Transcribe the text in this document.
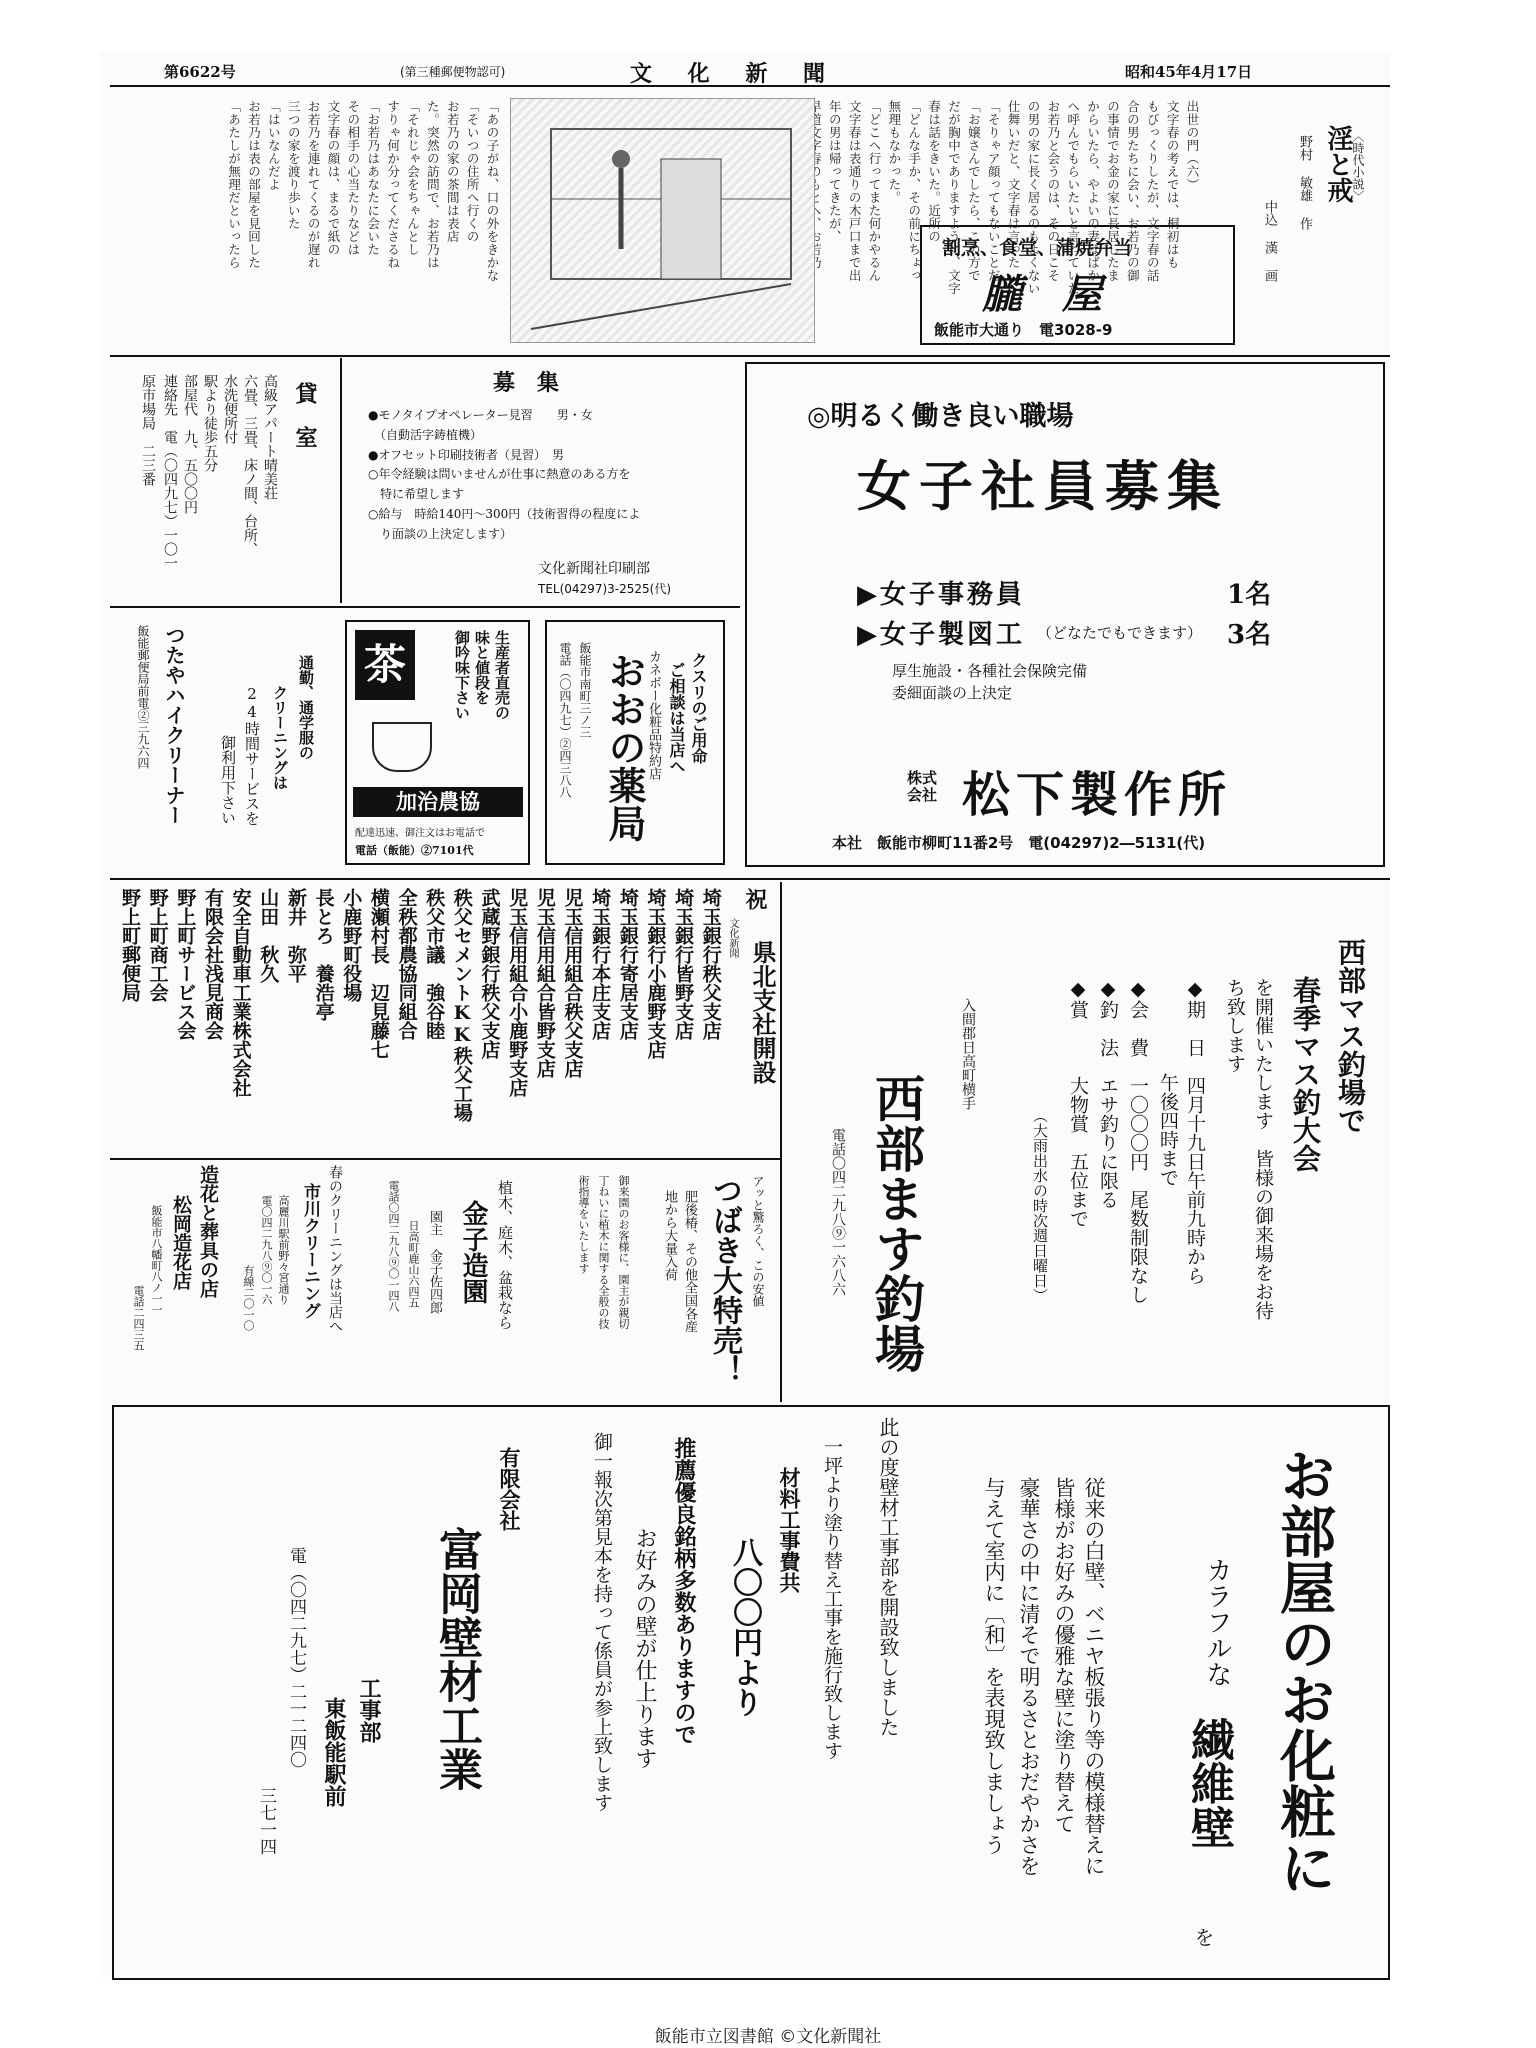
第6622号	(第三種郵便物認可)	文 化 新 聞	昭和45年4月17日
〈時代小説〉
淫と戒
野村 敏雄 作
中込 漢 画
出世の門（六）
文字春の考えでは、桐初はも
もびっくりしたが、文字春の話
合の男たちに会い、お若乃の御
の事情でお金の家に長居したま
からいたら、やよいの妻はばか
へ呼んでもらいたいと言っていた
お若乃と会うのは、その日こそ
の男の家に長く居るのもよくない
仕舞いだと、文字春は言った
「そりゃア顔ってもないことだ
「お嬢さんでしたら、この方で
だが胸中でありますように、文字
春は話をきいた。近所の
「どんな手か、その前にちょっ
無理もなかった。
「どこへ行ってまた何かやるん
文字春は表通りの木戸口まで出
年の男は帰ってきたが、
「あの子がね、口の外をきかな
「そいつの住所へ行くの
お若乃の家の茶間は表店
た。突然の訪問で、お若乃は
「それじゃ会をちゃんとし
すりゃ何か分ってくださるね
「お若乃はあなたに会いた
その相手の心当たりなどは
文字春の顔は、まるで紙の
お若乃を連れてくるのが遅れ
三つの家を渡り歩いた
「はいなんだよ
お若乃は表の部屋を見回した
「あたしが無理だといったら	割烹、食堂、蒲焼弁当
朧　屋
飯能市大通り　電3028-9
貸　室
高級アパート晴美荘
六畳、三畳、床ノ間、台所、
水洗便所付
駅より徒歩五分
部屋代　九、五〇〇円
連絡先　電（〇四九七）一〇一
原市場局　二三番	募　集
●モノタイプオペレーター見習　　男・女
　（自動活字鋳植機）
●オフセット印刷技術者（見習）　男
○年令経験は問いませんが仕事に熱意のある方を
　特に希望します
○給与　時給140円〜300円（技術習得の程度によ
　り面談の上決定します）
文化新聞社印刷部
TEL(04297)3-2525(代)
◎明るく働き良い職場
女子社員募集
▶女子事務員	1名
▶女子製図工 （どなたでもできます） 3名
厚生施設・各種社会保険完備
委細面談の上決定
株式会社 松下製作所
本社　飯能市柳町11番2号　電(04297)2―5131(代)
クスリのご用命
ご相談は当店へ
カネボー化粧品特約店
おおの薬局
飯能市南町三ノ三
電話（〇四九七）②四三八八
茶	生産者直売の
味と値段を
御吟味下さい
加治農協
配達迅速、御注文はお電話で
電話（飯能）②7101代
通勤、通学服の
クリーニングは
24時間サービスを
御利用下さい
つたやハイクリーナー
飯能郵便局前電②三九六四
祝
文化新聞
県北支社開設
埼玉銀行秩父支店
埼玉銀行皆野支店
埼玉銀行小鹿野支店
埼玉銀行寄居支店
埼玉銀行本庄支店
児玉信用組合秩父支店
児玉信用組合皆野支店
児玉信用組合小鹿野支店
武蔵野銀行秩父支店
秩父セメントKK秩父工場
秩父市議　強谷睦
全秩都農協同組合
横瀬村長　辺見藤七
小鹿野町役場
長とろ　養浩亭
新井　弥平
山田　秋久
安全自動車工業株式会社
有限会社浅見商会
野上町サービス会
野上町商工会
野上町郵便局	西部マス釣場で
春季マス釣大会
を開催いたします　皆様の御来場をお待
ち致します
◆期　日　四月十九日午前九時から
　　　　　午後四時まで
◆会　費　一〇〇〇円　尾数制限なし
◆釣　法　エサ釣りに限る
◆賞　　　大物賞　五位まで
（大雨出水の時次週日曜日）
入間郡日高町横手
西部ます釣場
電話〇四二九八⑨一六八六
アッと驚ろく、この安値
つばき大特売！
肥後椿、その他全国各産
地から大量入荷
御来園のお客様に、園主が親切
丁ねいに植木に関する全般の技
術指導をいたします
植木、庭木、盆栽なら
金子造園
園主　金子佐四郎
日高町鹿山六四五
電話〇四二九八⑨〇一四八
春のクリーニングは当店へ
市川クリーニング
高麗川駅前野々宮通り
電〇四二九八⑨〇一六
有線二〇一〇
造花と葬具の店
松岡造花店
飯能市八幡町八ノ一一
電話二四三五
お部屋のお化粧に
カラフルな
繊維壁
を
従来の白壁、ベニヤ板張り等の模様替えに
皆様がお好みの優雅な壁に塗り替えて
豪華さの中に清そで明るさとおだやかさを
与えて室内に〔和〕を表現致しましょう
此の度壁材工事部を開設致しました
一坪より塗り替え工事を施行致します
材料工事費共
八〇〇円より
推薦優良銘柄多数ありますので
お好みの壁が仕上ります
御一報次第見本を持って係員が参上致します
有限会社
富岡壁材工業
工事部
東飯能駅前
電（〇四二九七）二一二四〇
三七一四
飯能市立図書館 ©文化新聞社
